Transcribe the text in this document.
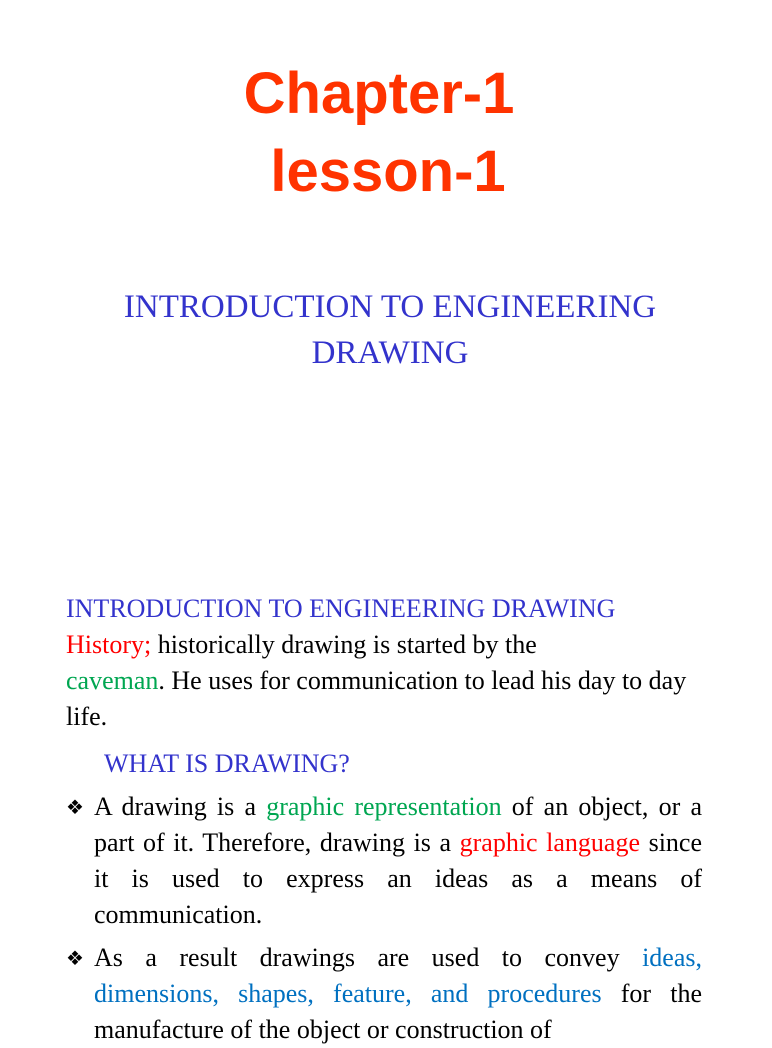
Chapter-1
lesson-1
INTRODUCTION TO ENGINEERING
DRAWING
INTRODUCTION TO ENGINEERING DRAWING
History; historically drawing is started by the
caveman. He uses for communication to lead his day to day life.
WHAT IS DRAWING?
❖ A drawing is a graphic representation of an object, or a part of it. Therefore, drawing is a graphic language since it is used to express an ideas as a means of communication.
❖ As a result drawings are used to convey ideas, dimensions, shapes, feature, and procedures for the manufacture of the object or construction of
